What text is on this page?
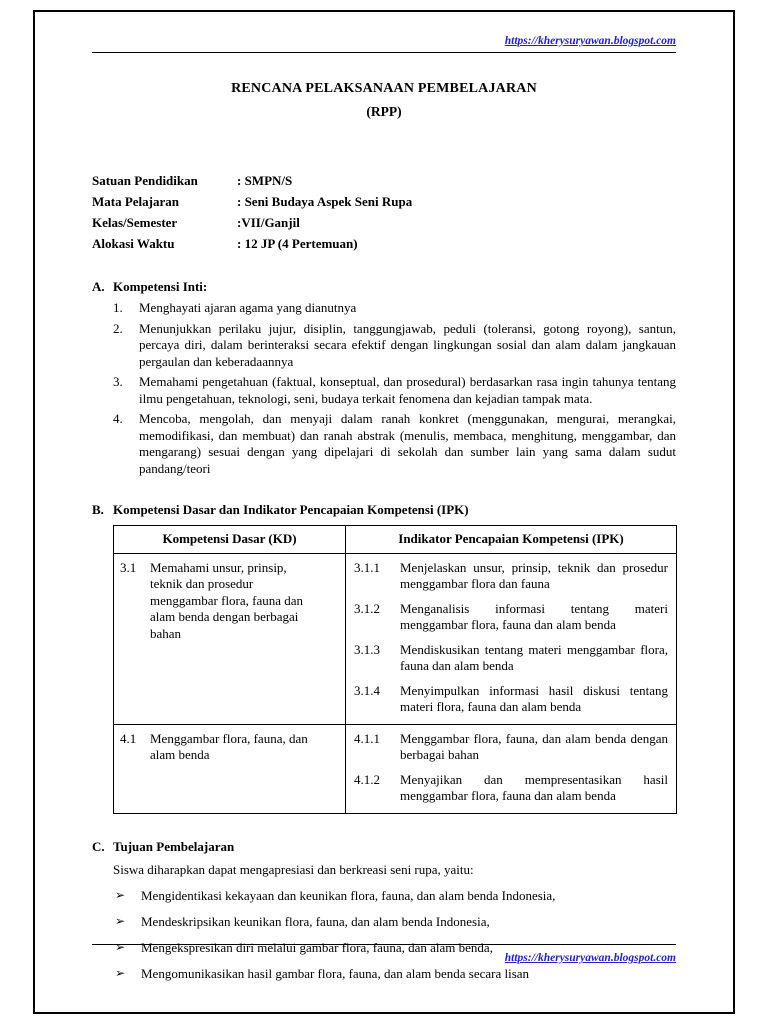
https://kherysuryawan.blogspot.com
RENCANA PELAKSANAAN PEMBELAJARAN
(RPP)
Satuan Pendidikan	: SMPN/S
Mata Pelajaran	: Seni Budaya Aspek Seni Rupa
Kelas/Semester	:VII/Ganjil
Alokasi Waktu	: 12 JP (4 Pertemuan)
A. Kompetensi Inti:
1.	Menghayati ajaran agama yang dianutnya
2.	Menunjukkan perilaku jujur, disiplin, tanggungjawab, peduli (toleransi, gotong royong), santun, percaya diri, dalam berinteraksi secara efektif dengan lingkungan sosial dan alam dalam jangkauan pergaulan dan keberadaannya
3.	Memahami pengetahuan (faktual, konseptual, dan prosedural) berdasarkan rasa ingin tahunya tentang ilmu pengetahuan, teknologi, seni, budaya terkait fenomena dan kejadian tampak mata.
4.	Mencoba, mengolah, dan menyaji dalam ranah konkret (menggunakan, mengurai, merangkai, memodifikasi, dan membuat) dan ranah abstrak (menulis, membaca, menghitung, menggambar, dan mengarang) sesuai dengan yang dipelajari di sekolah dan sumber lain yang sama dalam sudut pandang/teori
B. Kompetensi Dasar dan Indikator Pencapaian Kompetensi (IPK)
Kompetensi Dasar (KD)	Indikator Pencapaian Kompetensi (IPK)

3.1	Memahami unsur, prinsip, teknik dan prosedur menggambar flora, fauna dan alam benda dengan berbagai bahan

3.1.1	Menjelaskan unsur, prinsip, teknik dan prosedur menggambar flora dan fauna
3.1.2	Menganalisis informasi tentang materi menggambar flora, fauna dan alam benda
3.1.3	Mendiskusikan tentang materi menggambar flora, fauna dan alam benda
3.1.4	Menyimpulkan informasi hasil diskusi tentang materi flora, fauna dan alam benda

4.1	Menggambar flora, fauna, dan alam benda

4.1.1	Menggambar flora, fauna, dan alam benda dengan berbagai bahan
4.1.2	Menyajikan dan mempresentasikan hasil menggambar flora, fauna dan alam benda
C. Tujuan Pembelajaran
Siswa diharapkan dapat mengapresiasi dan berkreasi seni rupa, yaitu:
➢	Mengidentikasi kekayaan dan keunikan flora, fauna, dan alam benda Indonesia,
➢	Mendeskripsikan keunikan flora, fauna, dan alam benda Indonesia,
➢	Mengekspresikan diri melalui gambar flora, fauna, dan alam benda,
➢	Mengomunikasikan hasil gambar flora, fauna, dan alam benda secara lisan
https://kherysuryawan.blogspot.com
